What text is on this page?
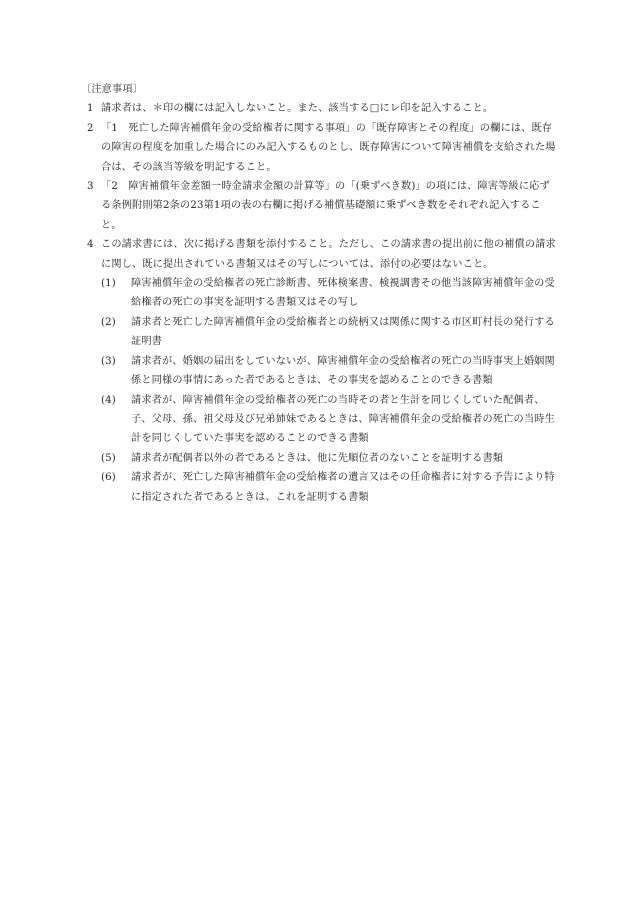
〔注意事項〕
1 請求者は、＊印の欄には記入しないこと。また、該当する□にレ印を記入すること。
2 「1　死亡した障害補償年金の受給権者に関する事項」の「既存障害とその程度」の欄には、既存の障害の程度を加重した場合にのみ記入するものとし、既存障害について障害補償を支給された場合は、その該当等級を明記すること。
3 「2　障害補償年金差額一時金請求金額の計算等」の「(乗ずべき数)」の項には、障害等級に応ずる条例附則第2条の23第1項の表の右欄に掲げる補償基礎額に乗ずべき数をそれぞれ記入すること。
4 この請求書には、次に掲げる書類を添付すること。ただし、この請求書の提出前に他の補償の請求に関し、既に提出されている書類又はその写しについては、添付の必要はないこと。
(1)	障害補償年金の受給権者の死亡診断書、死体検案書、検視調書その他当該障害補償年金の受給権者の死亡の事実を証明する書類又はその写し
(2)	請求者と死亡した障害補償年金の受給権者との続柄又は関係に関する市区町村長の発行する証明書
(3)	請求者が、婚姻の届出をしていないが、障害補償年金の受給権者の死亡の当時事実上婚姻関係と同様の事情にあった者であるときは、その事実を認めることのできる書類
(4)	請求者が、障害補償年金の受給権者の死亡の当時その者と生計を同じくしていた配偶者、子、父母、孫、祖父母及び兄弟姉妹であるときは、障害補償年金の受給権者の死亡の当時生計を同じくしていた事実を認めることのできる書類
(5)	請求者が配偶者以外の者であるときは、他に先順位者のないことを証明する書類
(6)	請求者が、死亡した障害補償年金の受給権者の遺言又はその任命権者に対する予告により特に指定された者であるときは、これを証明する書類
